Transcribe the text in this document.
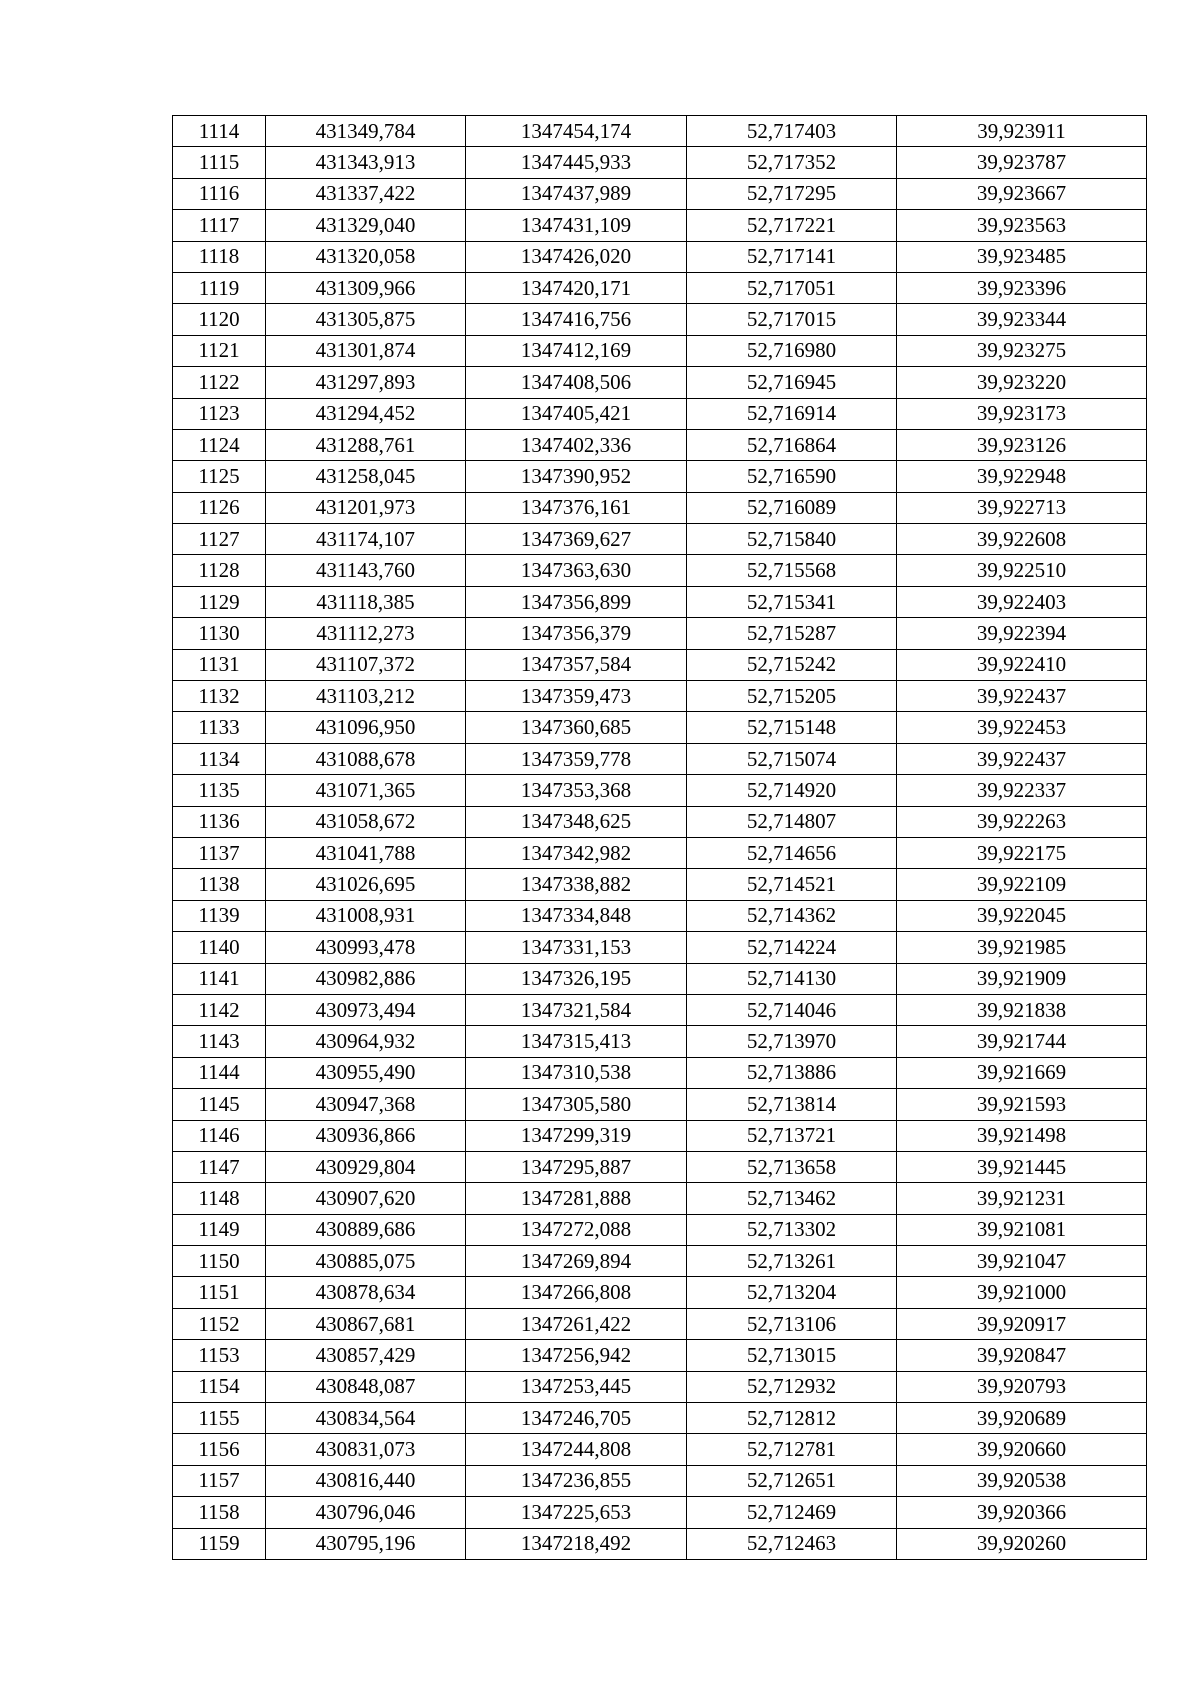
1114	431349,784	1347454,174	52,717403	39,923911
1115	431343,913	1347445,933	52,717352	39,923787
1116	431337,422	1347437,989	52,717295	39,923667
1117	431329,040	1347431,109	52,717221	39,923563
1118	431320,058	1347426,020	52,717141	39,923485
1119	431309,966	1347420,171	52,717051	39,923396
1120	431305,875	1347416,756	52,717015	39,923344
1121	431301,874	1347412,169	52,716980	39,923275
1122	431297,893	1347408,506	52,716945	39,923220
1123	431294,452	1347405,421	52,716914	39,923173
1124	431288,761	1347402,336	52,716864	39,923126
1125	431258,045	1347390,952	52,716590	39,922948
1126	431201,973	1347376,161	52,716089	39,922713
1127	431174,107	1347369,627	52,715840	39,922608
1128	431143,760	1347363,630	52,715568	39,922510
1129	431118,385	1347356,899	52,715341	39,922403
1130	431112,273	1347356,379	52,715287	39,922394
1131	431107,372	1347357,584	52,715242	39,922410
1132	431103,212	1347359,473	52,715205	39,922437
1133	431096,950	1347360,685	52,715148	39,922453
1134	431088,678	1347359,778	52,715074	39,922437
1135	431071,365	1347353,368	52,714920	39,922337
1136	431058,672	1347348,625	52,714807	39,922263
1137	431041,788	1347342,982	52,714656	39,922175
1138	431026,695	1347338,882	52,714521	39,922109
1139	431008,931	1347334,848	52,714362	39,922045
1140	430993,478	1347331,153	52,714224	39,921985
1141	430982,886	1347326,195	52,714130	39,921909
1142	430973,494	1347321,584	52,714046	39,921838
1143	430964,932	1347315,413	52,713970	39,921744
1144	430955,490	1347310,538	52,713886	39,921669
1145	430947,368	1347305,580	52,713814	39,921593
1146	430936,866	1347299,319	52,713721	39,921498
1147	430929,804	1347295,887	52,713658	39,921445
1148	430907,620	1347281,888	52,713462	39,921231
1149	430889,686	1347272,088	52,713302	39,921081
1150	430885,075	1347269,894	52,713261	39,921047
1151	430878,634	1347266,808	52,713204	39,921000
1152	430867,681	1347261,422	52,713106	39,920917
1153	430857,429	1347256,942	52,713015	39,920847
1154	430848,087	1347253,445	52,712932	39,920793
1155	430834,564	1347246,705	52,712812	39,920689
1156	430831,073	1347244,808	52,712781	39,920660
1157	430816,440	1347236,855	52,712651	39,920538
1158	430796,046	1347225,653	52,712469	39,920366
1159	430795,196	1347218,492	52,712463	39,920260
